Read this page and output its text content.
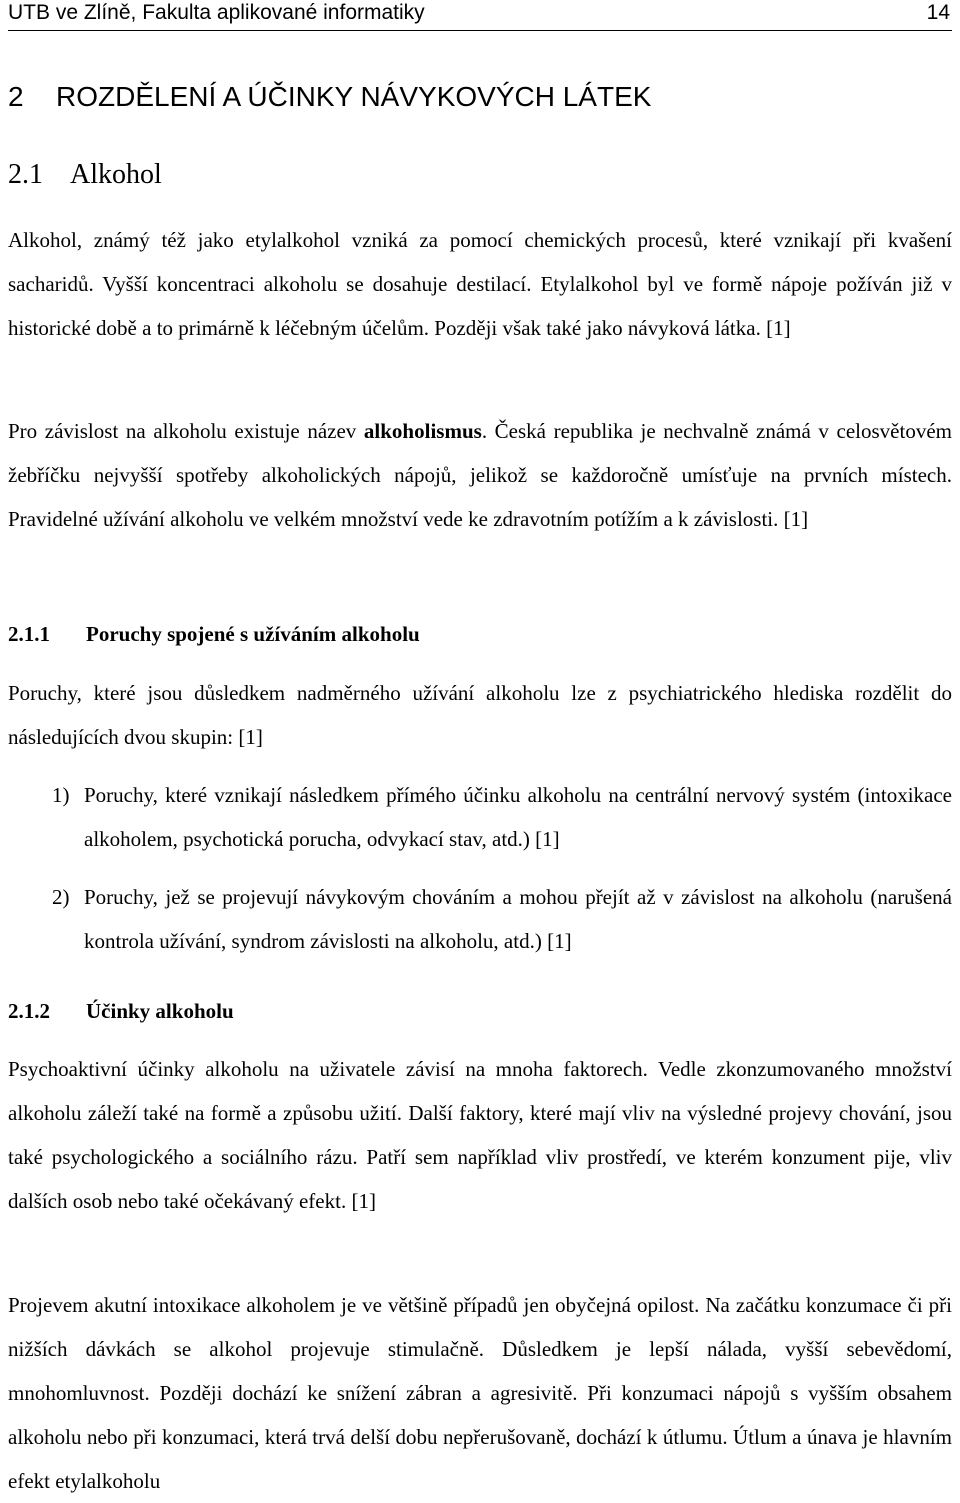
UTB ve Zlíně, Fakulta aplikované informatiky	14
2 ROZDĚLENÍ A ÚČINKY NÁVYKOVÝCH LÁTEK
2.1 Alkohol
Alkohol, známý též jako etylalkohol vzniká za pomocí chemických procesů, které vznikají při kvašení sacharidů. Vyšší koncentraci alkoholu se dosahuje destilací. Etylalkohol byl ve formě nápoje požíván již v historické době a to primárně k léčebným účelům. Později však také jako návyková látka. [1]
Pro závislost na alkoholu existuje název alkoholismus. Česká republika je nechvalně známá v celosvětovém žebříčku nejvyšší spotřeby alkoholických nápojů, jelikož se každoročně umísťuje na prvních místech. Pravidelné užívání alkoholu ve velkém množství vede ke zdravotním potížím a k závislosti. [1]
2.1.1 Poruchy spojené s užíváním alkoholu
Poruchy, které jsou důsledkem nadměrného užívání alkoholu lze z psychiatrického hlediska rozdělit do následujících dvou skupin: [1]
1) Poruchy, které vznikají následkem přímého účinku alkoholu na centrální nervový systém (intoxikace alkoholem, psychotická porucha, odvykací stav, atd.) [1]
2) Poruchy, jež se projevují návykovým chováním a mohou přejít až v závislost na alkoholu (narušená kontrola užívání, syndrom závislosti na alkoholu, atd.) [1]
2.1.2 Účinky alkoholu
Psychoaktivní účinky alkoholu na uživatele závisí na mnoha faktorech. Vedle zkonzumovaného množství alkoholu záleží také na formě a způsobu užití. Další faktory, které mají vliv na výsledné projevy chování, jsou také psychologického a sociálního rázu. Patří sem například vliv prostředí, ve kterém konzument pije, vliv dalších osob nebo také očekávaný efekt. [1]
Projevem akutní intoxikace alkoholem je ve většině případů jen obyčejná opilost. Na začátku konzumace či při nižších dávkách se alkohol projevuje stimulačně. Důsledkem je lepší nálada, vyšší sebevědomí, mnohomluvnost. Později dochází ke snížení zábran a agresivitě. Při konzumaci nápojů s vyšším obsahem alkoholu nebo při konzumaci, která trvá delší dobu nepřerušovaně, dochází k útlumu. Útlum a únava je hlavním efekt etylalkoholu
